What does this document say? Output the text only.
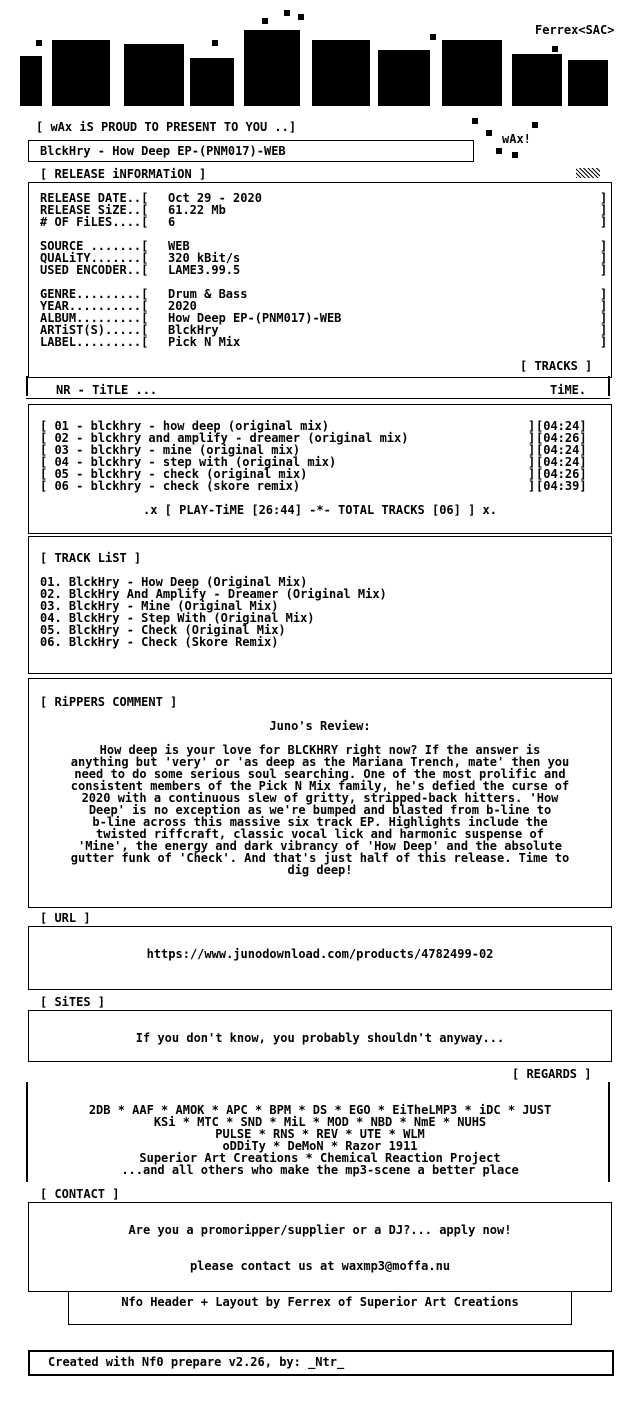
Ferrex<SAC>
[ wAx iS PROUD TO PRESENT TO YOU ..]
wAx!
BlckHry - How Deep EP-(PNM017)-WEB
[ RELEASE iNFORMATiON ]
RELEASE DATE..[ Oct 29 - 2020	]
RELEASE SiZE..[ 61.22 Mb	]
# OF FiLES....[ 6	]
SOURCE .......[ WEB	]
QUALiTY.......[ 320 kBit/s	]
USED ENCODER..[ LAME3.99.5	]
GENRE.........[ Drum & Bass	]
YEAR..........[ 2020	]
ALBUM.........[ How Deep EP-(PNM017)-WEB	]
ARTiST(S).....[ BlckHry	]
LABEL.........[ Pick N Mix	]
[ TRACKS ]
NR - TiTLE ...	TiME.
[ 01 - blckhry - how deep (original mix)	[04:24]
]
[ 02 - blckhry and amplify - dreamer (original mix)	[04:26]
]
[ 03 - blckhry - mine (original mix)	[04:24]
]
[ 04 - blckhry - step with (original mix)	[04:24]
]
[ 05 - blckhry - check (original mix)	[04:26]
]
[ 06 - blckhry - check (skore remix)	[04:39]
]
.x [ PLAY-TiME [26:44] -*- TOTAL TRACKS [06] ] x.
[ TRACK LiST ]
01. BlckHry - How Deep (Original Mix)
02. BlckHry And Amplify - Dreamer (Original Mix)
03. BlckHry - Mine (Original Mix)
04. BlckHry - Step With (Original Mix)
05. BlckHry - Check (Original Mix)
06. BlckHry - Check (Skore Remix)
[ RiPPERS COMMENT ]
Juno's Review:
How deep is your love for BLCKHRY right now? If the answer is
anything but 'very' or 'as deep as the Mariana Trench, mate' then you
need to do some serious soul searching. One of the most prolific and
consistent members of the Pick N Mix family, he's defied the curse of
2020 with a continuous slew of gritty, stripped-back hitters. 'How
Deep' is no exception as we're bumped and blasted from b-line to
b-line across this massive six track EP. Highlights include the
twisted riffcraft, classic vocal lick and harmonic suspense of
'Mine', the energy and dark vibrancy of 'How Deep' and the absolute
gutter funk of 'Check'. And that's just half of this release. Time to
dig deep!
[ URL ]
https://www.junodownload.com/products/4782499-02
[ SiTES ]
If you don't know, you probably shouldn't anyway...
[ REGARDS ]
2DB * AAF * AMOK * APC * BPM * DS * EGO * EiTheLMP3 * iDC * JUST
KSi * MTC * SND * MiL * MOD * NBD * NmE * NUHS
PULSE * RNS * REV * UTE * WLM
oDDiTy * DeMoN * Razor 1911
Superior Art Creations * Chemical Reaction Project
...and all others who make the mp3-scene a better place
[ CONTACT ]
Are you a promoripper/supplier or a DJ?... apply now!
please contact us at waxmp3@moffa.nu
Nfo Header + Layout by Ferrex of Superior Art Creations
Created with Nf0 prepare v2.26, by: _Ntr_
